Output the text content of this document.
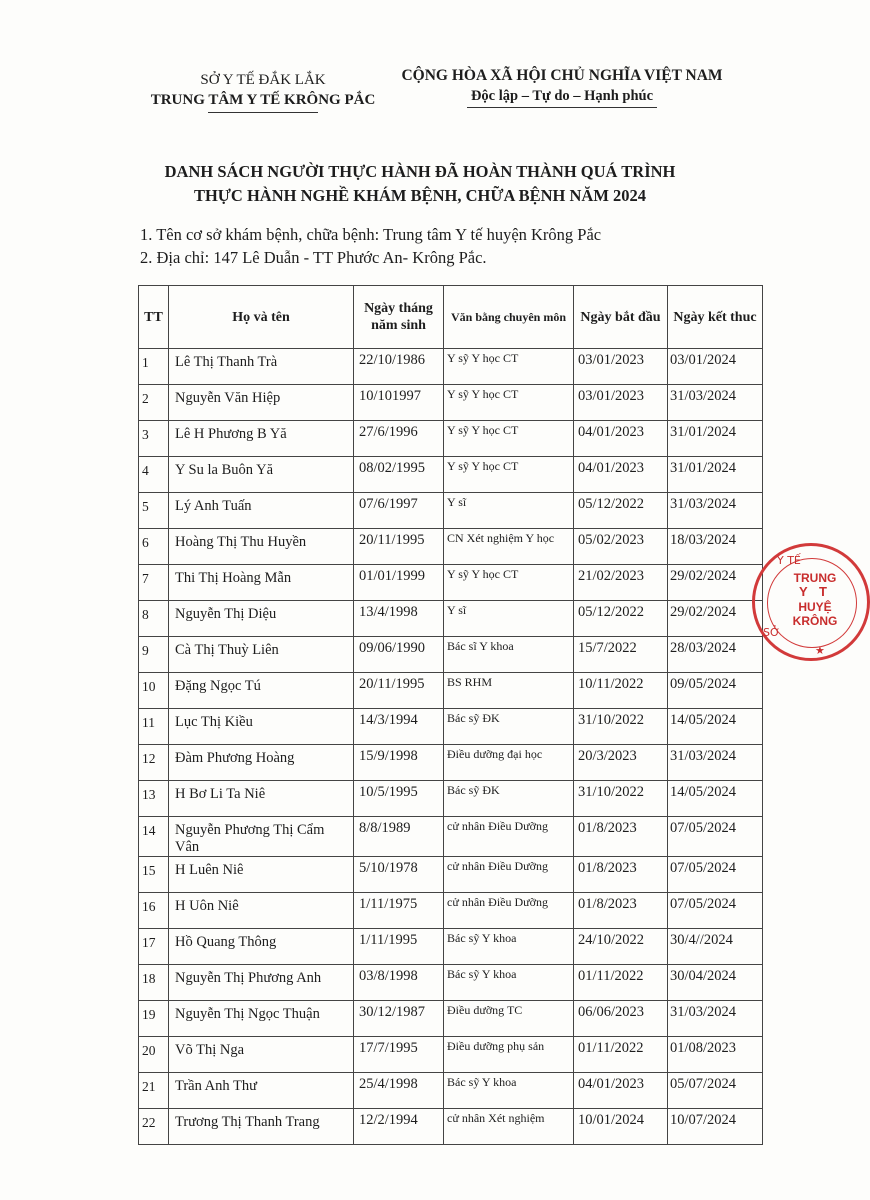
SỞ Y TẾ ĐẮK LẮK
TRUNG TÂM Y TẾ KRÔNG PẮC
CỘNG HÒA XÃ HỘI CHỦ NGHĨA VIỆT NAM
Độc lập – Tự do – Hạnh phúc
DANH SÁCH NGƯỜI THỰC HÀNH ĐÃ HOÀN THÀNH QUÁ TRÌNH
THỰC HÀNH NGHỀ KHÁM BỆNH, CHỮA BỆNH NĂM 2024
1. Tên cơ sở khám bệnh, chữa bệnh: Trung tâm Y tế huyện Krông Pắc
2. Địa chỉ: 147 Lê Duẫn - TT Phước An- Krông Pắc.
TT	Họ và tên	Ngày tháng năm sinh	Văn bằng chuyên môn	Ngày bắt đầu	Ngày kết thuc
1	Lê Thị Thanh Trà	22/10/1986	Y sỹ Y học CT	03/01/2023	03/01/2024
2	Nguyễn Văn Hiệp	10/101997	Y sỹ Y học CT	03/01/2023	31/03/2024
3	Lê H Phương B Yă	27/6/1996	Y sỹ Y học CT	04/01/2023	31/01/2024
4	Y Su la Buôn Yă	08/02/1995	Y sỹ Y học CT	04/01/2023	31/01/2024
5	Lý Anh Tuấn	07/6/1997	Y sĩ	05/12/2022	31/03/2024
6	Hoàng Thị Thu Huyền	20/11/1995	CN Xét nghiệm Y học	05/02/2023	18/03/2024
7	Thi Thị Hoàng Mẫn	01/01/1999	Y sỹ Y học CT	21/02/2023	29/02/2024
8	Nguyễn Thị Diệu	13/4/1998	Y sĩ	05/12/2022	29/02/2024
9	Cà Thị Thuỳ Liên	09/06/1990	Bác sĩ Y khoa	15/7/2022	28/03/2024
10	Đặng Ngọc Tú	20/11/1995	BS RHM	10/11/2022	09/05/2024
11	Lục Thị Kiều	14/3/1994	Bác sỹ ĐK	31/10/2022	14/05/2024
12	Đàm Phương Hoàng	15/9/1998	Điều dưỡng đại học	20/3/2023	31/03/2024
13	H Bơ Li Ta Niê	10/5/1995	Bác sỹ ĐK	31/10/2022	14/05/2024
14	Nguyễn Phương Thị Cẩm Vân	8/8/1989	cử nhân Điều Dưỡng	01/8/2023	07/05/2024
15	H Luên Niê	5/10/1978	cử nhân Điều Dưỡng	01/8/2023	07/05/2024
16	H Uôn Niê	1/11/1975	cử nhân Điều Dưỡng	01/8/2023	07/05/2024
17	Hồ Quang Thông	1/11/1995	Bác sỹ Y khoa	24/10/2022	30/4//2024
18	Nguyễn Thị Phương Anh	03/8/1998	Bác sỹ Y khoa	01/11/2022	30/04/2024
19	Nguyễn Thị Ngọc Thuận	30/12/1987	Điều dưỡng TC	06/06/2023	31/03/2024
20	Võ Thị Nga	17/7/1995	Điều dưỡng phụ sản	01/11/2022	01/08/2023
21	Trần Anh Thư	25/4/1998	Bác sỹ Y khoa	04/01/2023	05/07/2024
22	Trương Thị Thanh Trang	12/2/1994	cử nhân Xét nghiệm	10/01/2024	10/07/2024
Y TẾ
SỞ
★
TRUNG
Y T
HUYỆ
KRÔNG
